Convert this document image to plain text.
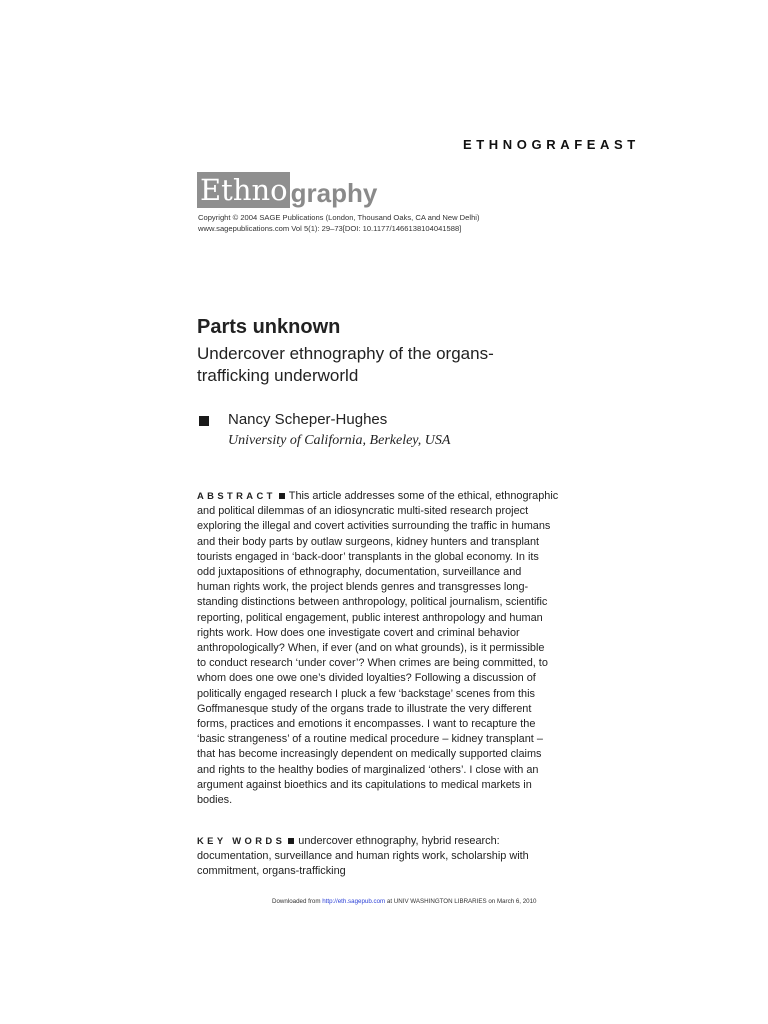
ETHNOGRAFEAST
Ethno graphy
Copyright © 2004 SAGE Publications (London, Thousand Oaks, CA and New Delhi)
www.sagepublications.com Vol 5(1): 29–73[DOI: 10.1177/1466138104041588]
Parts unknown
Undercover ethnography of the organs-trafficking underworld
Nancy Scheper-Hughes
University of California, Berkeley, USA
ABSTRACT This article addresses some of the ethical, ethnographic
and political dilemmas of an idiosyncratic multi-sited research project
exploring the illegal and covert activities surrounding the traffic in humans
and their body parts by outlaw surgeons, kidney hunters and transplant
tourists engaged in ‘back-door’ transplants in the global economy. In its
odd juxtapositions of ethnography, documentation, surveillance and
human rights work, the project blends genres and transgresses long-
standing distinctions between anthropology, political journalism, scientific
reporting, political engagement, public interest anthropology and human
rights work. How does one investigate covert and criminal behavior
anthropologically? When, if ever (and on what grounds), is it permissible
to conduct research ‘under cover’? When crimes are being committed, to
whom does one owe one’s divided loyalties? Following a discussion of
politically engaged research I pluck a few ‘backstage’ scenes from this
Goffmanesque study of the organs trade to illustrate the very different
forms, practices and emotions it encompasses. I want to recapture the
‘basic strangeness’ of a routine medical procedure – kidney transplant –
that has become increasingly dependent on medically supported claims
and rights to the healthy bodies of marginalized ‘others’. I close with an
argument against bioethics and its capitulations to medical markets in
bodies.
KEY WORDS undercover ethnography, hybrid research:
documentation, surveillance and human rights work, scholarship with
commitment, organs-trafficking
Downloaded from http://eth.sagepub.com at UNIV WASHINGTON LIBRARIES on March 6, 2010
